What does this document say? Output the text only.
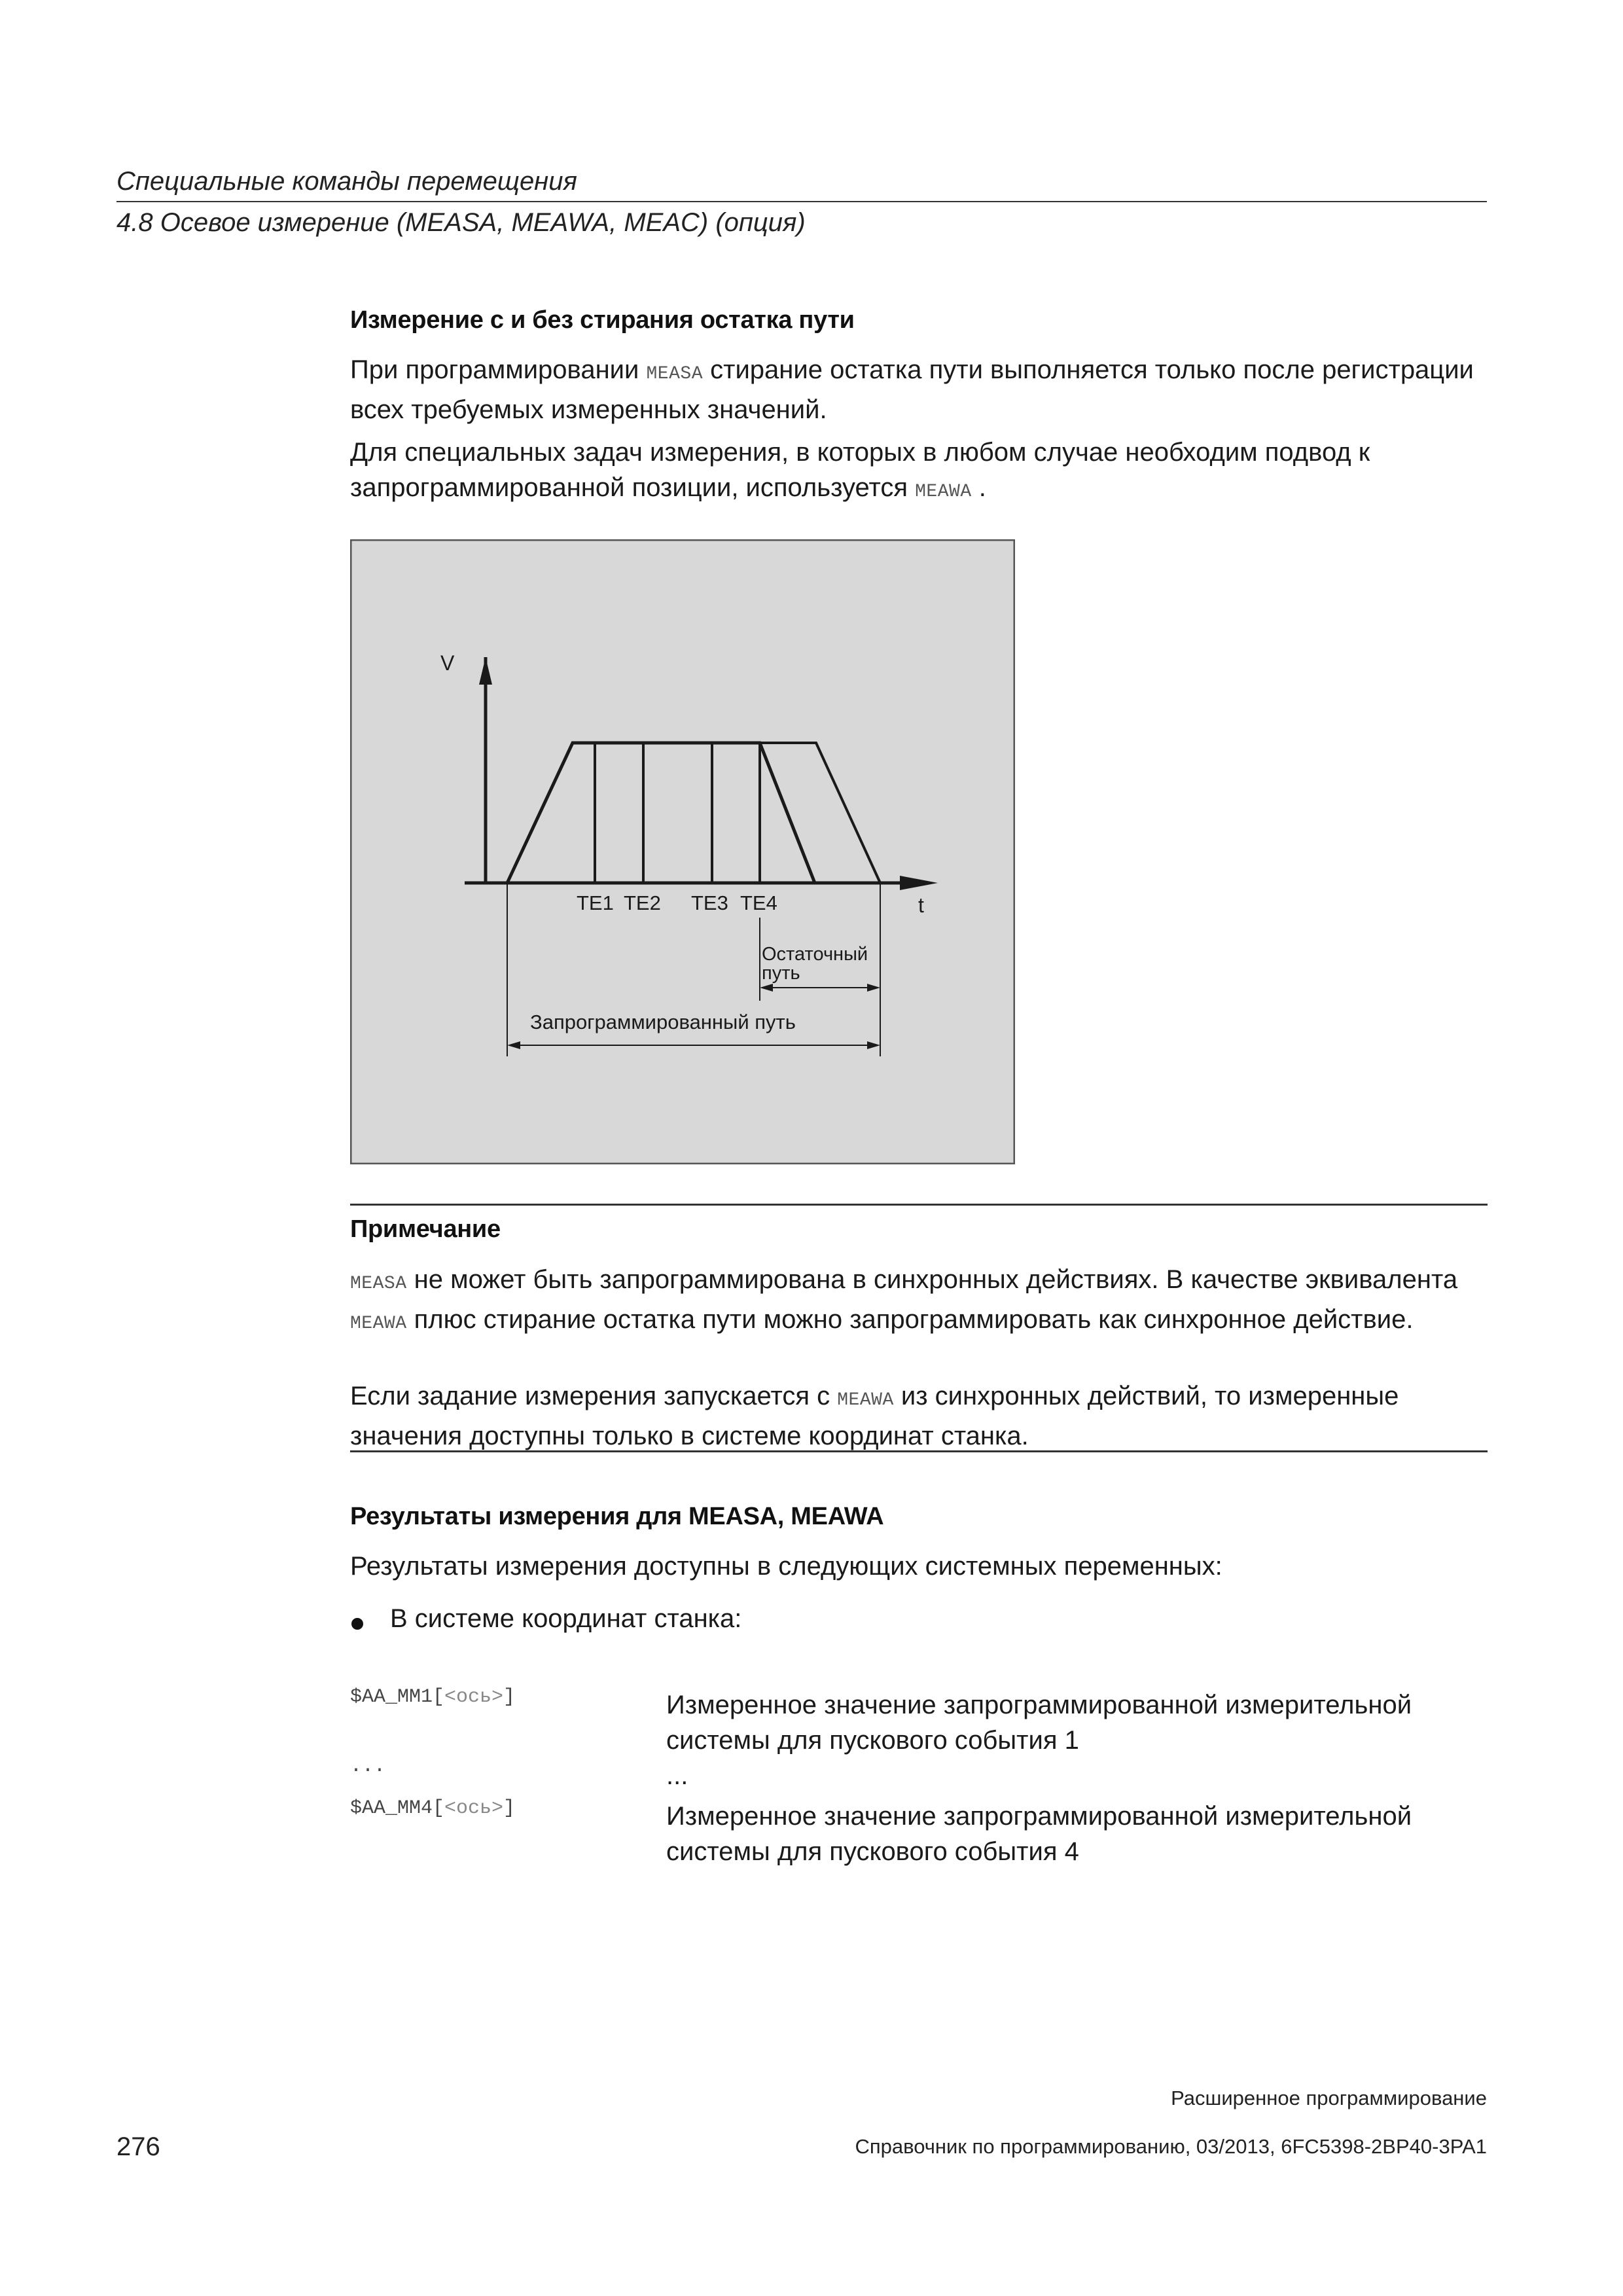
Специальные команды перемещения
4.8 Осевое измерение (MEASA, MEAWA, MEAC) (опция)
Измерение с и без стирания остатка пути

При программировании MEASA стирание остатка пути выполняется только после регистрации всех требуемых измеренных значений.

Для специальных задач измерения, в которых в любом случае необходим подвод к запрограммированной позиции, используется MEAWA .

V
t
TE1 TE2 TE3 TE4
Остаточный
путь
Запрограммированный путь
Примечание

MEASA не может быть запрограммирована в синхронных действиях. В качестве эквивалента MEAWA плюс стирание остатка пути можно запрограммировать как синхронное действие.

Если задание измерения запускается с MEAWA из синхронных действий, то измеренные значения доступны только в системе координат станка.

Результаты измерения для MEASA, MEAWA
Результаты измерения доступны в следующих системных переменных:
В системе координат станка:
$AA_MM1[<ось>]	Измеренное значение запрограммированной измерительной системы для пускового события 1
...	...
$AA_MM4[<ось>]	Измеренное значение запрограммированной измерительной системы для пускового события 4
Расширенное программирование
276	Справочник по программированию, 03/2013, 6FC5398-2BP40-3PA1
